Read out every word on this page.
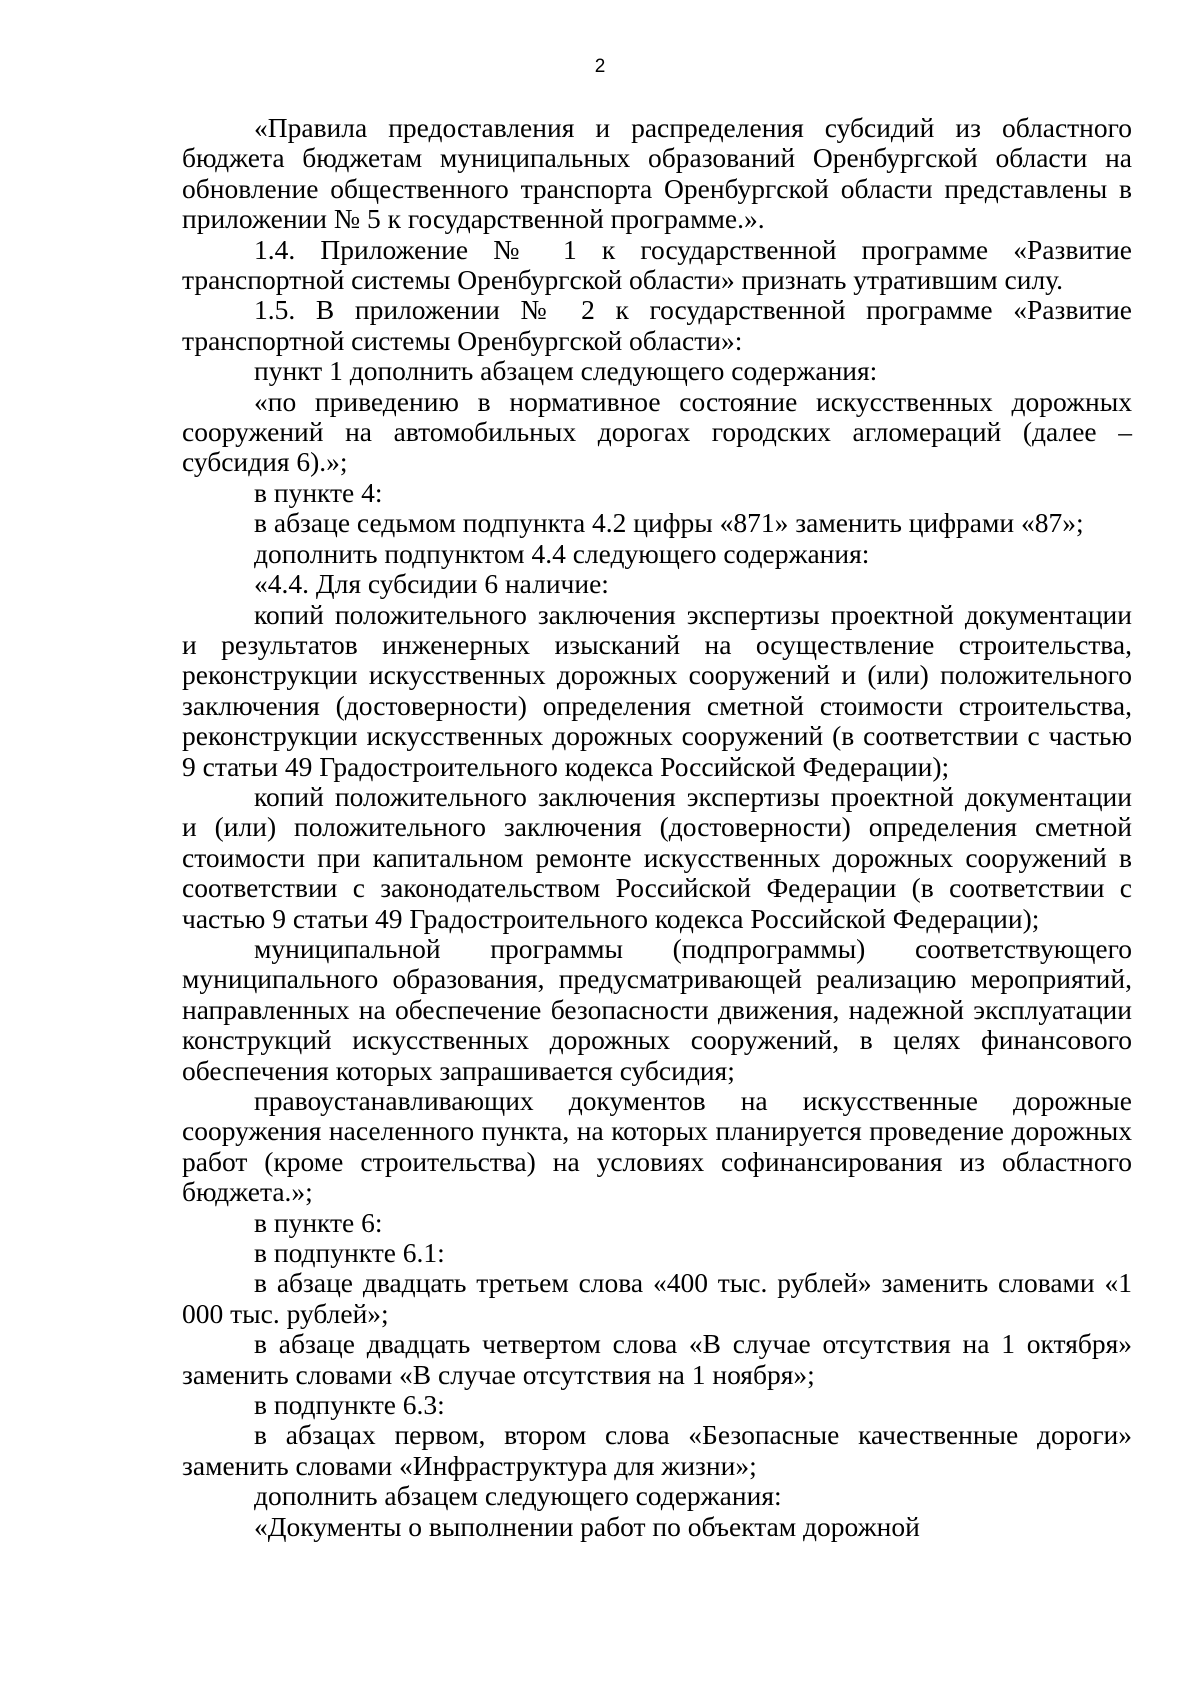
2

«Правила предоставления и распределения субсидий из областного бюджета бюджетам муниципальных образований Оренбургской области на обновление общественного транспорта Оренбургской области представлены в приложении № 5 к государственной программе.».

1.4. Приложение № 1 к государственной программе «Развитие транспортной системы Оренбургской области» признать утратившим силу.

1.5. В приложении № 2 к государственной программе «Развитие транспортной системы Оренбургской области»:

пункт 1 дополнить абзацем следующего содержания:

«по приведению в нормативное состояние искусственных дорожных сооружений на автомобильных дорогах городских агломераций (далее – субсидия 6).»;

в пункте 4:

в абзаце седьмом подпункта 4.2 цифры «871» заменить цифрами «87»;

дополнить подпунктом 4.4 следующего содержания:

«4.4. Для субсидии 6 наличие:

копий положительного заключения экспертизы проектной документации и результатов инженерных изысканий на осуществление строительства, реконструкции искусственных дорожных сооружений и (или) положительного заключения (достоверности) определения сметной стоимости строительства, реконструкции искусственных дорожных сооружений (в соответствии с частью 9 статьи 49 Градостроительного кодекса Российской Федерации);

копий положительного заключения экспертизы проектной документации и (или) положительного заключения (достоверности) определения сметной стоимости при капитальном ремонте искусственных дорожных сооружений в соответствии с законодательством Российской Федерации (в соответствии с частью 9 статьи 49 Градостроительного кодекса Российской Федерации);

муниципальной программы (подпрограммы) соответствующего муниципального образования, предусматривающей реализацию мероприятий, направленных на обеспечение безопасности движения, надежной эксплуатации конструкций искусственных дорожных сооружений, в целях финансового обеспечения которых запрашивается субсидия;

правоустанавливающих документов на искусственные дорожные сооружения населенного пункта, на которых планируется проведение дорожных работ (кроме строительства) на условиях софинансирования из областного бюджета.»;

в пункте 6:

в подпункте 6.1:

в абзаце двадцать третьем слова «400 тыс. рублей» заменить словами «1 000 тыс. рублей»;

в абзаце двадцать четвертом слова «В случае отсутствия на 1 октября» заменить словами «В случае отсутствия на 1 ноября»;

в подпункте 6.3:

в абзацах первом, втором слова «Безопасные качественные дороги» заменить словами «Инфраструктура для жизни»;

дополнить абзацем следующего содержания:

«Документы о выполнении работ по объектам дорожной
